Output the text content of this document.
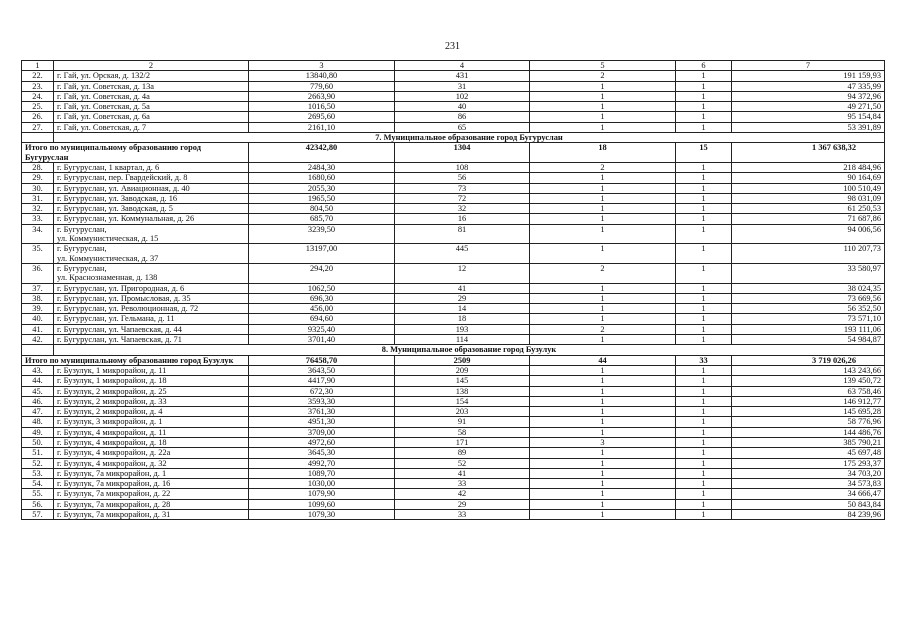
231
1	2	3	4	5	6	7
22.	г. Гай, ул. Орская, д. 132/2	13840,80	431	2	1	191 159,93
23.	г. Гай, ул. Советская, д. 13а	779,60	31	1	1	47 335,99
24.	г. Гай, ул. Советская, д. 4а	2663,90	102	1	1	94 372,96
25.	г. Гай, ул. Советская, д. 5а	1016,50	40	1	1	49 271,50
26.	г. Гай, ул. Советская, д. 6а	2695,60	86	1	1	95 154,84
27.	г. Гай, ул. Советская, д. 7	2161,10	65	1	1	53 391,89
	7. Муниципальное образование город Бугуруслан					
Итого по муниципальному образованию город Бугуруслан		42342,80	1304	18	15	1 367 638,32
28.	г. Бугуруслан, 1 квартал, д. 6	2484,30	108	2	1	218 484,96
29.	г. Бугуруслан, пер. Гвардейский, д. 8	1680,60	56	1	1	90 164,69
30.	г. Бугуруслан, ул. Авиационная, д. 40	2055,30	73	1	1	100 510,49
31.	г. Бугуруслан, ул. Заводская, д. 16	1965,50	72	1	1	98 031,09
32.	г. Бугуруслан, ул. Заводская, д. 5	804,50	32	1	1	61 250,53
33.	г. Бугуруслан, ул. Коммунальная, д. 26	685,70	16	1	1	71 687,86
34.	г. Бугуруслан,
ул. Коммунистическая, д. 15	3239,50	81	1	1	94 006,56
35.	г. Бугуруслан,
ул. Коммунистическая, д. 37	13197,00	445	1	1	110 207,73
36.	г. Бугуруслан,
ул. Краснознаменная, д. 138	294,20	12	2	1	33 580,97
37.	г. Бугуруслан, ул. Пригородная, д. 6	1062,50	41	1	1	38 024,35
38.	г. Бугуруслан, ул. Промысловая, д. 35	696,30	29	1	1	73 669,56
39.	г. Бугуруслан, ул. Революционная, д. 72	456,00	14	1	1	56 352,50
40.	г. Бугуруслан, ул. Гельмана, д. 11	694,60	18	1	1	73 571,10
41.	г. Бугуруслан, ул. Чапаевская, д. 44	9325,40	193	2	1	193 111,06
42.	г. Бугуруслан, ул. Чапаевская, д. 71	3701,40	114	1	1	54 984,87
	8. Муниципальное образование город Бузулук					
Итого по муниципальному образованию город Бузулук		76458,70	2509	44	33	3 719 026,26
43.	г. Бузулук, 1 микрорайон, д. 11	3643,50	209	1	1	143 243,66
44.	г. Бузулук, 1 микрорайон, д. 18	4417,90	145	1	1	139 450,72
45.	г. Бузулук, 2 микрорайон, д. 25	672,30	138	1	1	63 758,46
46.	г. Бузулук, 2 микрорайон, д. 33	3593,30	154	1	1	146 912,77
47.	г. Бузулук, 2 микрорайон, д. 4	3761,30	203	1	1	145 695,28
48.	г. Бузулук, 3 микрорайон, д. 1	4951,30	91	1	1	58 776,96
49.	г. Бузулук, 4 микрорайон, д. 11	3709,00	58	1	1	144 486,76
50.	г. Бузулук, 4 микрорайон, д. 18	4972,60	171	3	1	385 790,21
51.	г. Бузулук, 4 микрорайон, д. 22а	3645,30	89	1	1	45 697,48
52.	г. Бузулук, 4 микрорайон, д. 32	4992,70	52	1	1	175 293,37
53.	г. Бузулук, 7а микрорайон, д. 1	1089,70	41	1	1	34 703,20
54.	г. Бузулук, 7а микрорайон, д. 16	1030,00	33	1	1	34 573,83
55.	г. Бузулук, 7а микрорайон, д. 22	1079,90	42	1	1	34 666,47
56.	г. Бузулук, 7а микрорайон, д. 28	1099,60	29	1	1	50 843,84
57.	г. Бузулук, 7а микрорайон, д. 31	1079,30	33	1	1	84 239,96
